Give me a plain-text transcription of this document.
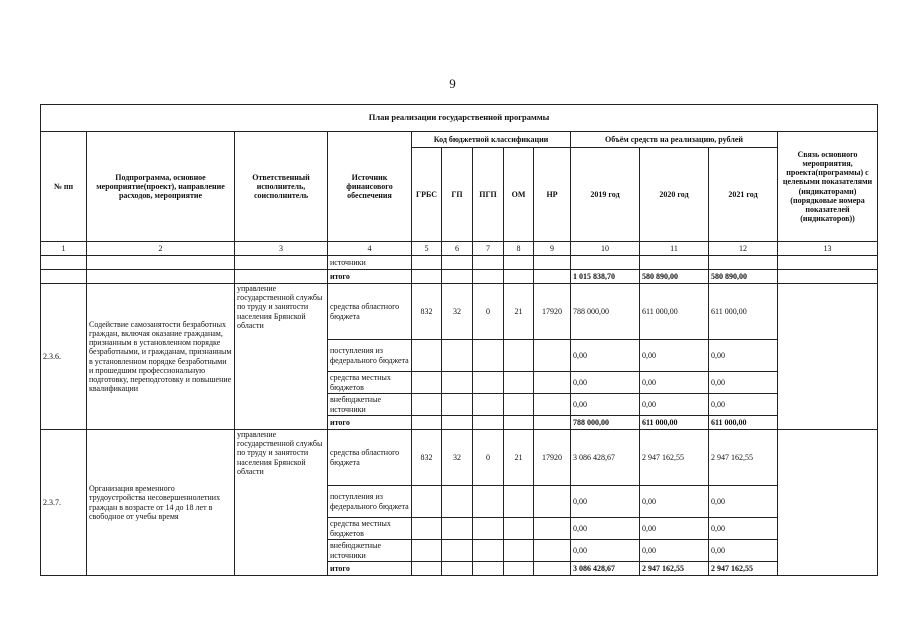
9
План реализации государственной программы												
№ пп	Подпрограмма, основное мероприятие(проект), направление расходов, мероприятие	Ответственный исполнитель, соисполнитель	Источник финансового обеспечения	Код бюджетной классификации					Объём средств на реализацию, рублей			Связь основного мероприятия, проекта(программы) с целевыми показателями (индикаторами) (порядковые номера показателей (индикаторов))
				ГРБС	ГП	ПГП	ОМ	НР	2019 год	2020 год	2021 год	
1	2	3	4	5	6	7	8	9	10	11	12	13
			источники									
			итого						1 015 838,70	580 890,00	580 890,00	
2.3.6.	Содействие самозанятости безработных граждан, включая оказание гражданам, признанным в установленном порядке безработными, и гражданам, признанным в установленном порядке безработными и прошедшим профессиональную подготовку, переподготовку и повышение квалификации	управление государственной службы по труду и занятости населения Брянской области	средства областного бюджета	832	32	0	21	17920	788 000,00	611 000,00	611 000,00	
			поступления из федерального бюджета						0,00	0,00	0,00	
			средства местных бюджетов						0,00	0,00	0,00	
			внебюджетные источники						0,00	0,00	0,00	
			итого						788 000,00	611 000,00	611 000,00	
2.3.7.	Организация временного трудоустройства несовершеннолетних граждан в возрасте от 14 до 18 лет в свободное от учебы время	управление государственной службы по труду и занятости населения Брянской области	средства областного бюджета	832	32	0	21	17920	3 086 428,67	2 947 162,55	2 947 162,55	
			поступления из федерального бюджета						0,00	0,00	0,00	
			средства местных бюджетов						0,00	0,00	0,00	
			внебюджетные источники						0,00	0,00	0,00	
			итого						3 086 428,67	2 947 162,55	2 947 162,55	
